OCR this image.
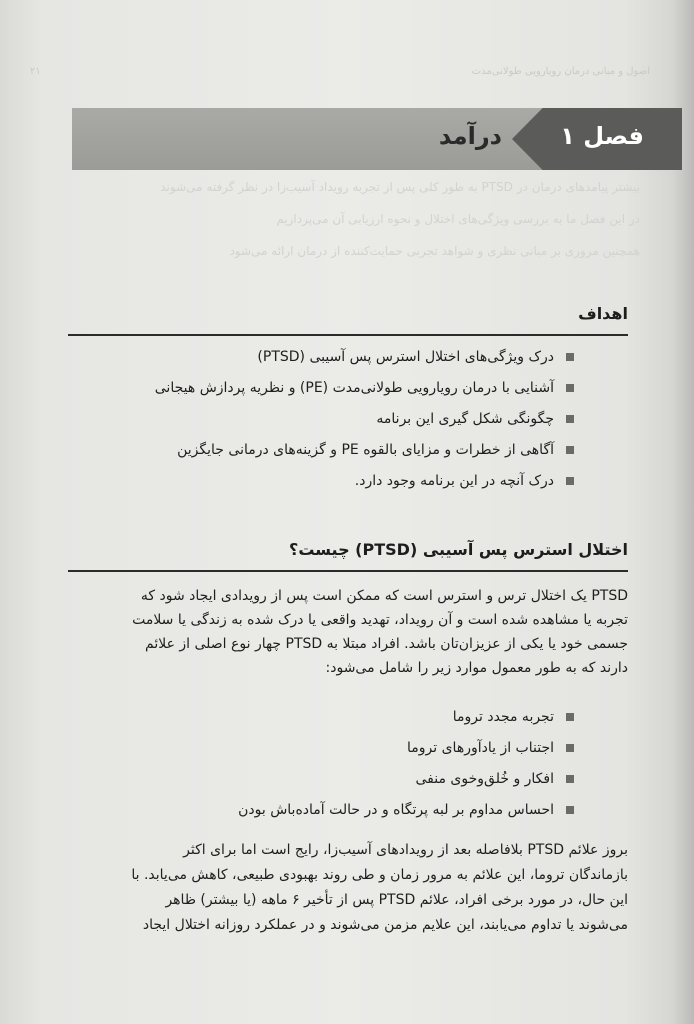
اصول و مبانی درمان رویارویی طولانی‌مدت
۲۱
فصل ۱
درآمد
بیشتر پیامدهای درمان در PTSD به طور کلی پس از تجربه رویداد آسیب‌زا در نظر گرفته می‌شوند
در این فصل ما به بررسی ویژگی‌های اختلال و نحوه ارزیابی آن می‌پردازیم
همچنین مروری بر مبانی نظری و شواهد تجربی حمایت‌کننده از درمان ارائه می‌شود
اهداف
درک ویژگی‌های اختلال استرس پس آسیبی (PTSD)
آشنایی با درمان رویارویی طولانی‌مدت (PE) و نظریه پردازش هیجانی
چگونگی شکل گیری این برنامه
آگاهی از خطرات و مزایای بالقوه PE و گزینه‌های درمانی جایگزین
درک آنچه در این برنامه وجود دارد.
اختلال استرس پس آسیبی (PTSD) چیست؟
PTSD یک اختلال ترس و استرس است که ممکن است پس از رویدادی ایجاد شود که
تجربه یا مشاهده شده است و آن رویداد، تهدید واقعی یا درک شده به زندگی یا سلامت
جسمی خود یا یکی از عزیزان‌تان باشد. افراد مبتلا به PTSD چهار نوع اصلی از علائم
دارند که به طور معمول موارد زیر را شامل می‌شود:
تجربه مجدد تروما
اجتناب از یادآورهای تروما
افکار و خُلق‌وخوی منفی
احساس مداوم بر لبه پرتگاه و در حالت آماده‌باش بودن
بروز علائم PTSD بلافاصله بعد از رویدادهای آسیب‌زا، رایج است اما برای اکثر
بازماندگان تروما، این علائم به مرور زمان و طی روند بهبودی طبیعی، کاهش می‌یابد. با
این حال، در مورد برخی افراد، علائم PTSD پس از تأخیر ۶ ماهه (یا بیشتر) ظاهر
می‌شوند یا تداوم می‌یابند، این علایم مزمن می‌شوند و در عملکرد روزانه اختلال ایجاد
